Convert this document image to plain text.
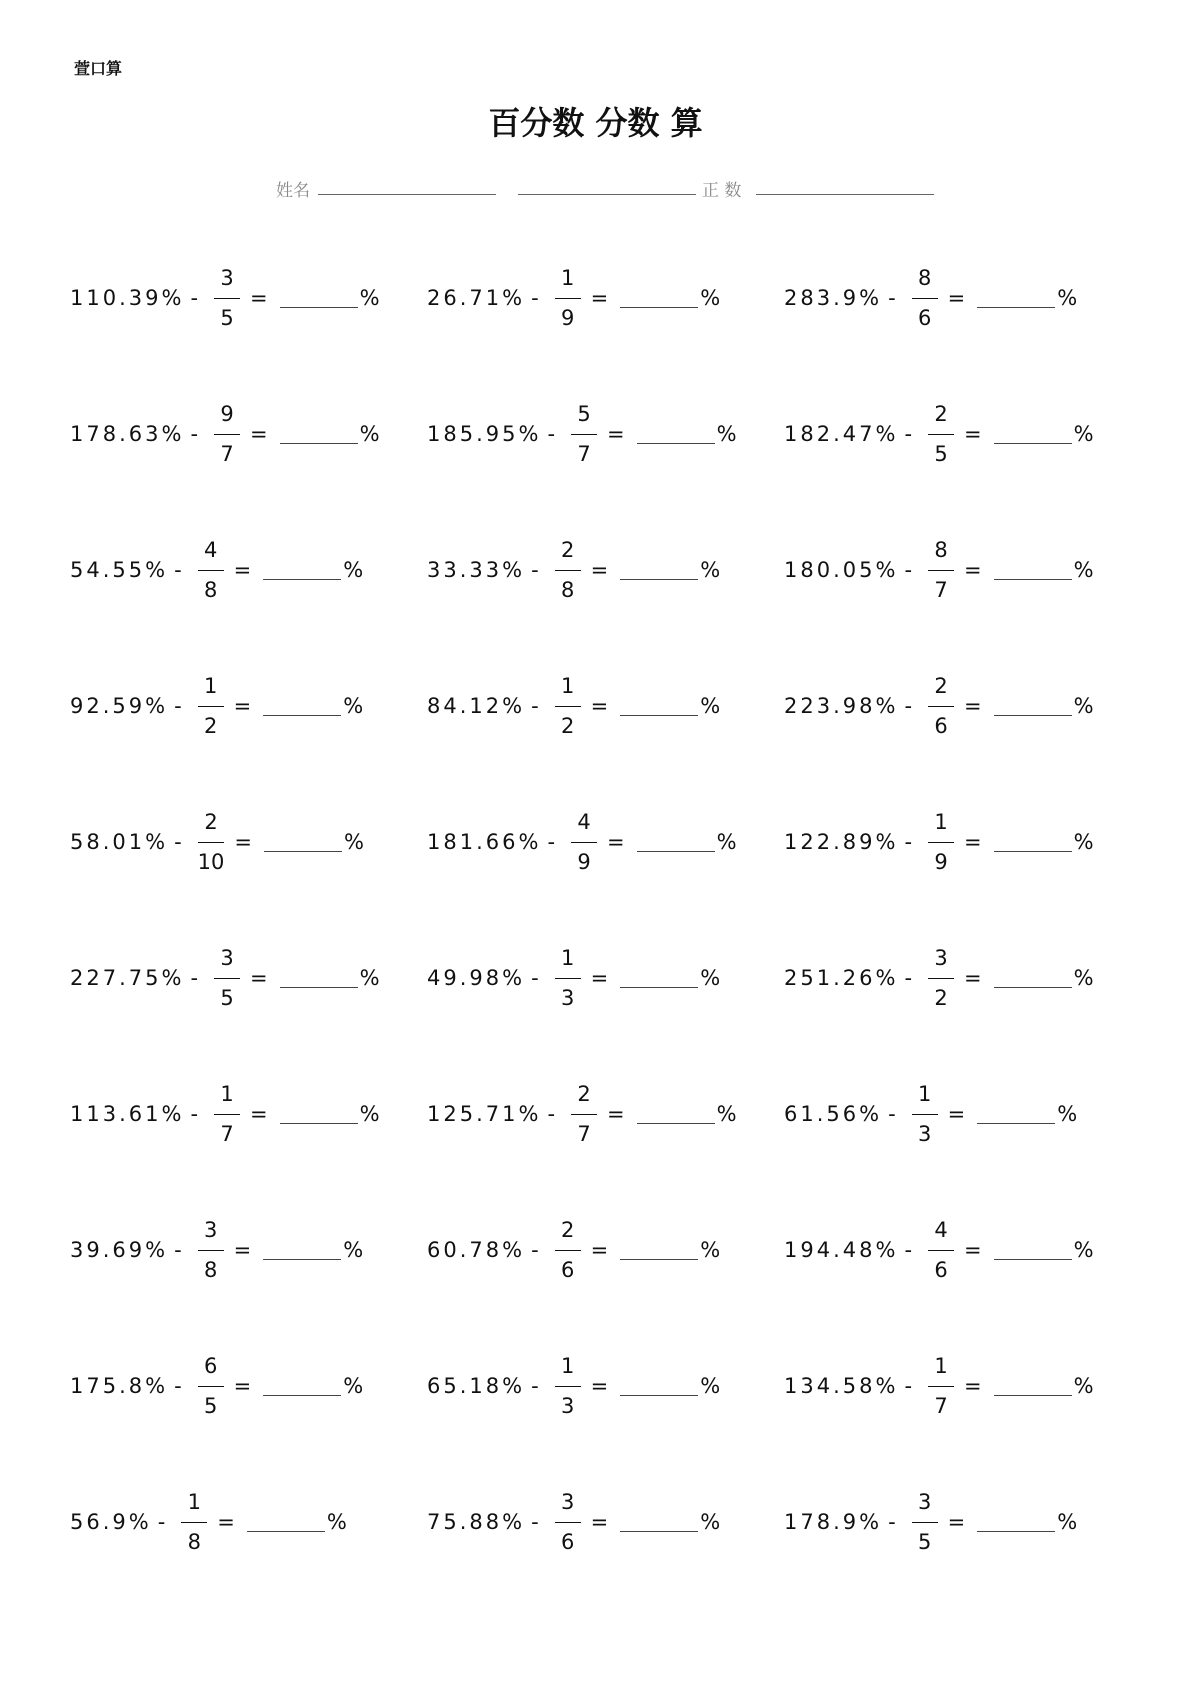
萱口算
百分数 分数 算
姓名	正 数
$110.39\% - \frac{3}{5}$ =	% $26.71\% - \frac{1}{9}$ =	%	$283.9\% - \frac{8}{6}$ =	%
$178.63\% - \frac{9}{7}$ =	% $185.95\% - \frac{5}{7}$ =	% $182.47\% - \frac{2}{5}$ =	%
$54.55\% - \frac{4}{8}$ =	%	$33.33\% - \frac{2}{8}$ =	%	$180.05\% - \frac{8}{7}$ =	%
$92.59\% - \frac{1}{2}$ =	%	$84.12\% - \frac{1}{2}$ =	%	$223.98\% - \frac{2}{6}$ =	%
$58.01\% - \frac{2}{10}$ =	%	$181.66\% - \frac{4}{9}$ =	% $122.89\% - \frac{1}{9}$ =	%
$227.75\% - \frac{3}{5}$ =	% $49.98\% - \frac{1}{3}$ =	%	$251.26\% - \frac{3}{2}$ =	%
$113.61\% - \frac{1}{7}$ =	% $125.71\% - \frac{2}{7}$ =	% $61.56\% - \frac{1}{3}$ =	%
$39.69\% - \frac{3}{8}$ =	%	$60.78\% - \frac{2}{6}$ =	%	$194.48\% - \frac{4}{6}$ =	%
$175.8\% - \frac{6}{5}$ =	%	$65.18\% - \frac{1}{3}$ =	%	$134.58\% - \frac{1}{7}$ =	%
$56.9\% - \frac{1}{8}$ =	%	$75.88\% - \frac{3}{6}$ =	%	$178.9\% - \frac{3}{5}$ =	%
